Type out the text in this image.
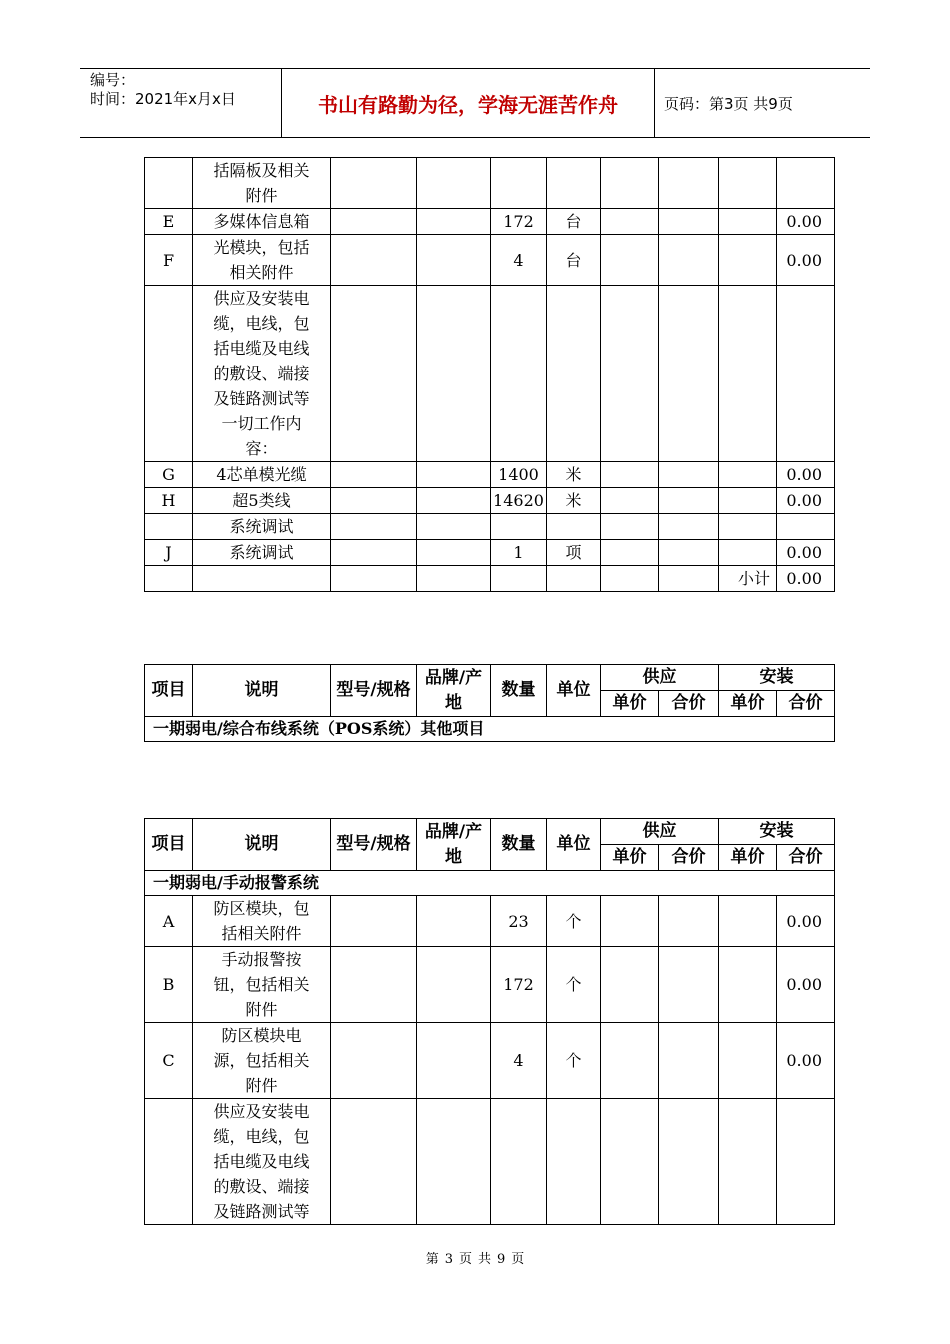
编号：
时间：2021年x月x日	书山有路勤为径，学海无涯苦作舟	页码：第3页 共9页
	括隔板及相关附件								
E	多媒体信息箱			172	台				0.00
F	光模块，包括相关附件			4	台				0.00
	供应及安装电缆，电线，包括电缆及电线的敷设、端接及链路测试等一切工作内容：								
G	4芯单模光缆			1400	米				0.00
H	超5类线			14620	米				0.00
	系统调试								
J	系统调试			1	项				0.00
								小计	0.00
项目	说明	型号/规格	品牌/产地	数量	单位	供应		安装	
						单价	合价	单价	合价
一期弱电/综合布线系统（POS系统）其他项目									
项目	说明	型号/规格	品牌/产地	数量	单位	供应		安装	
						单价	合价	单价	合价
一期弱电/手动报警系统									
A	防区模块，包括相关附件			23	个				0.00
B	手动报警按钮，包括相关附件			172	个				0.00
C	防区模块电源，包括相关附件			4	个				0.00
	供应及安装电缆，电线，包括电缆及电线的敷设、端接及链路测试等								
第 3 页 共 9 页
